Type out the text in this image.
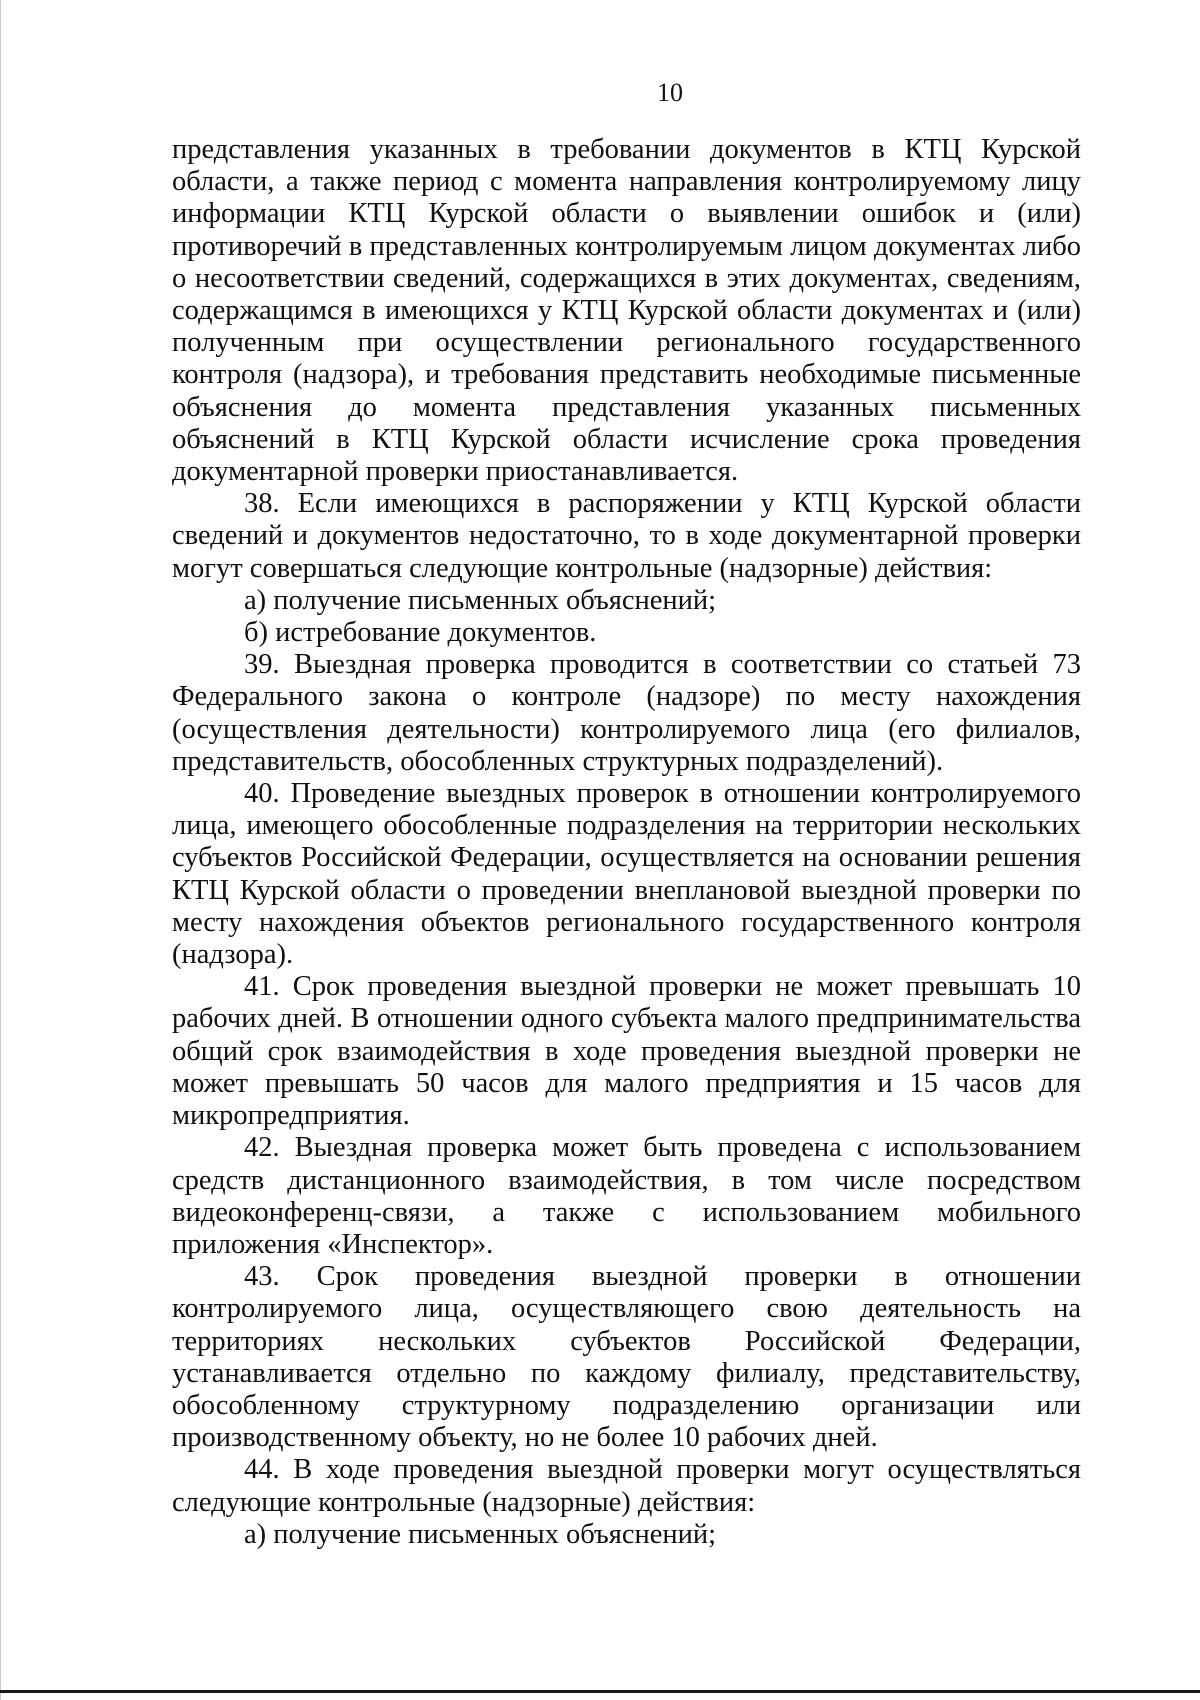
10

представления указанных в требовании документов в КТЦ Курской области, а также период с момента направления контролируемому лицу информации КТЦ Курской области о выявлении ошибок и (или) противоречий в представленных контролируемым лицом документах либо о несоответствии сведений, содержащихся в этих документах, сведениям, содержащимся в имеющихся у КТЦ Курской области документах и (или) полученным при осуществлении регионального государственного контроля (надзора), и требования представить необходимые письменные объяснения до момента представления указанных письменных объяснений в КТЦ Курской области исчисление срока проведения документарной проверки приостанавливается.

38. Если имеющихся в распоряжении у КТЦ Курской области сведений и документов недостаточно, то в ходе документарной проверки могут совершаться следующие контрольные (надзорные) действия:

а) получение письменных объяснений;

б) истребование документов.

39. Выездная проверка проводится в соответствии со статьей 73 Федерального закона о контроле (надзоре) по месту нахождения (осуществления деятельности) контролируемого лица (его филиалов, представительств, обособленных структурных подразделений).

40. Проведение выездных проверок в отношении контролируемого лица, имеющего обособленные подразделения на территории нескольких субъектов Российской Федерации, осуществляется на основании решения КТЦ Курской области о проведении внеплановой выездной проверки по месту нахождения объектов регионального государственного контроля (надзора).

41. Срок проведения выездной проверки не может превышать 10 рабочих дней. В отношении одного субъекта малого предпринимательства общий срок взаимодействия в ходе проведения выездной проверки не может превышать 50 часов для малого предприятия и 15 часов для микропредприятия.

42. Выездная проверка может быть проведена с использованием средств дистанционного взаимодействия, в том числе посредством видеоконференц-связи, а также с использованием мобильного приложения «Инспектор».

43. Срок проведения выездной проверки в отношении контролируемого лица, осуществляющего свою деятельность на территориях нескольких субъектов Российской Федерации, устанавливается отдельно по каждому филиалу, представительству, обособленному структурному подразделению организации или производственному объекту, но не более 10 рабочих дней.

44. В ходе проведения выездной проверки могут осуществляться следующие контрольные (надзорные) действия:

а) получение письменных объяснений;
